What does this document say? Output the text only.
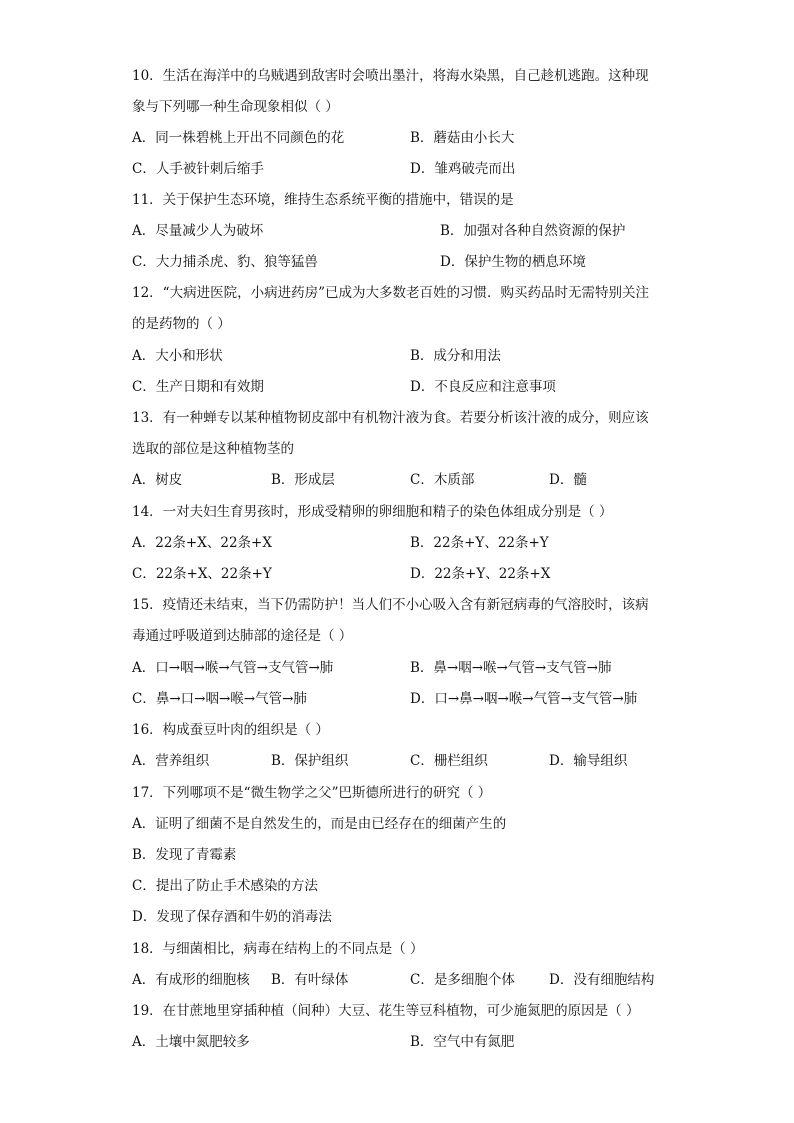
10．生活在海洋中的乌贼遇到敌害时会喷出墨汁，将海水染黑，自己趁机逃跑。这种现
象与下列哪一种生命现象相似（ ）
A．同一株碧桃上开出不同颜色的花	B．蘑菇由小长大
C．人手被针刺后缩手	D．雏鸡破壳而出
11．关于保护生态环境，维持生态系统平衡的措施中，错误的是
A．尽量减少人为破坏	B．加强对各种自然资源的保护
C．大力捕杀虎、豹、狼等猛兽	D．保护生物的栖息环境
12．“大病进医院，小病进药房”已成为大多数老百姓的习惯．购买药品时无需特别关注
的是药物的（ ）
A．大小和形状	B．成分和用法
C．生产日期和有效期	D．不良反应和注意事项
13．有一种蝉专以某种植物韧皮部中有机物汁液为食。若要分析该汁液的成分，则应该
选取的部位是这种植物茎的
A．树皮	B．形成层	C．木质部	D．髓
14．一对夫妇生育男孩时，形成受精卵的卵细胞和精子的染色体组成分别是（ ）
A．22条+X、22条+X	B．22条+Y、22条+Y
C．22条+X、22条+Y	D．22条+Y、22条+X
15．疫情还未结束，当下仍需防护！当人们不小心吸入含有新冠病毒的气溶胶时，该病
毒通过呼吸道到达肺部的途径是（ ）
A．口→咽→喉→气管→支气管→肺	B．鼻→咽→喉→气管→支气管→肺
C．鼻→口→咽→喉→气管→肺	D．口→鼻→咽→喉→气管→支气管→肺
16．构成蚕豆叶肉的组织是（ ）
A．营养组织	B．保护组织	C．栅栏组织	D．输导组织
17．下列哪项不是“微生物学之父”巴斯德所进行的研究（ ）
A．证明了细菌不是自然发生的，而是由已经存在的细菌产生的
B．发现了青霉素
C．提出了防止手术感染的方法
D．发现了保存酒和牛奶的消毒法
18．与细菌相比，病毒在结构上的不同点是（ ）
A．有成形的细胞核 B．有叶绿体	C．是多细胞个体	D．没有细胞结构
19．在甘蔗地里穿插种植（间种）大豆、花生等豆科植物，可少施氮肥的原因是（ ）
A．土壤中氮肥较多	B．空气中有氮肥
